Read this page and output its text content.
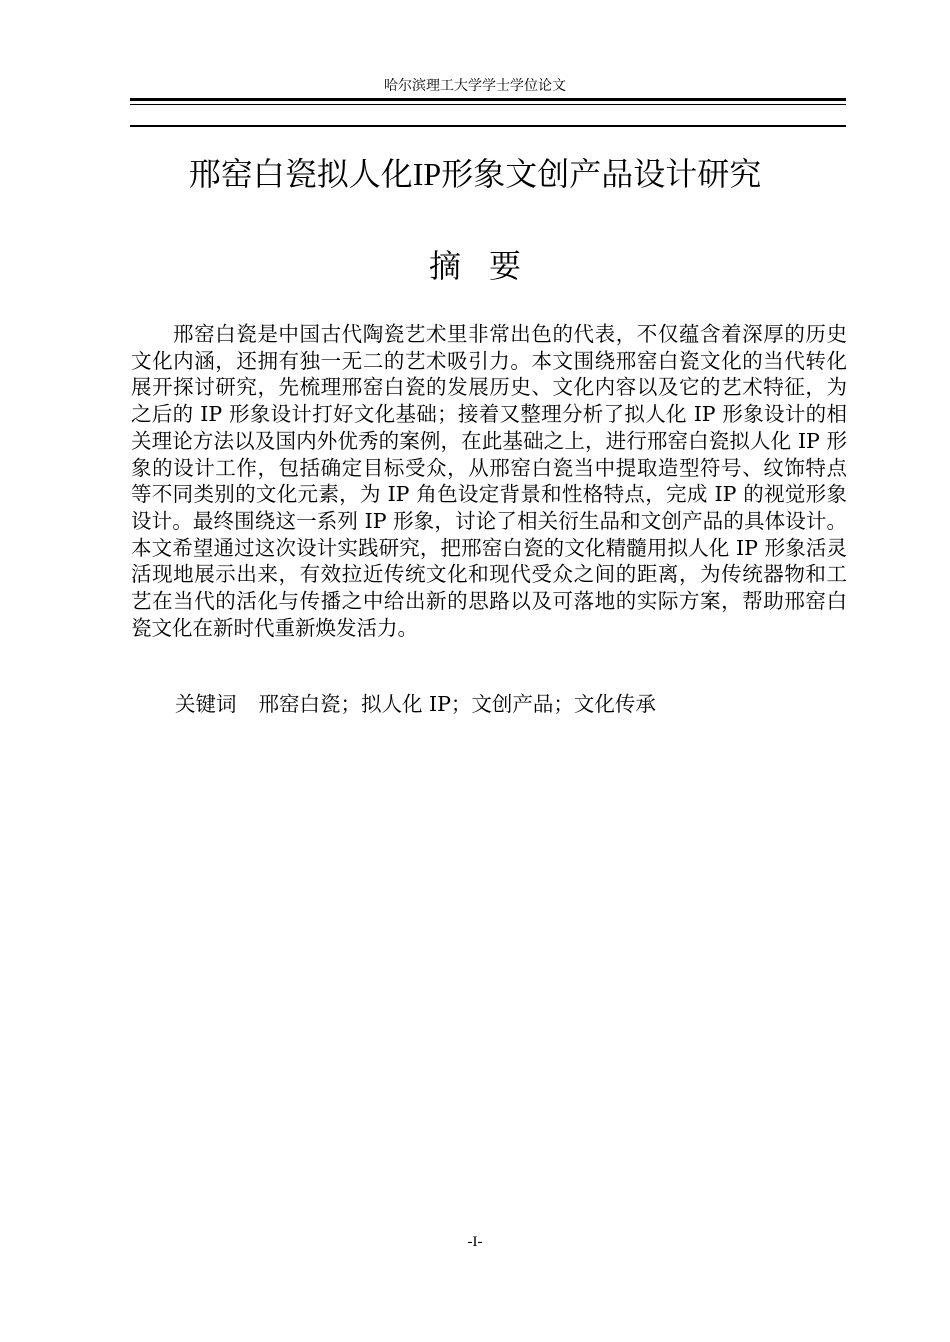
哈尔滨理工大学学士学位论文
邢窑白瓷拟人化IP形象文创产品设计研究
摘要

邢窑白瓷是中国古代陶瓷艺术里非常出色的代表，不仅蕴含着深厚的历史文化内涵，还拥有独一无二的艺术吸引力。本文围绕邢窑白瓷文化的当代转化展开探讨研究，先梳理邢窑白瓷的发展历史、文化内容以及它的艺术特征，为之后的 IP 形象设计打好文化基础；接着又整理分析了拟人化 IP 形象设计的相关理论方法以及国内外优秀的案例，在此基础之上，进行邢窑白瓷拟人化 IP 形象的设计工作，包括确定目标受众，从邢窑白瓷当中提取造型符号、纹饰特点等不同类别的文化元素，为 IP 角色设定背景和性格特点，完成 IP 的视觉形象设计。最终围绕这一系列 IP 形象，讨论了相关衍生品和文创产品的具体设计。本文希望通过这次设计实践研究，把邢窑白瓷的文化精髓用拟人化 IP 形象活灵活现地展示出来，有效拉近传统文化和现代受众之间的距离，为传统器物和工艺在当代的活化与传播之中给出新的思路以及可落地的实际方案，帮助邢窑白瓷文化在新时代重新焕发活力。

关键词 邢窑白瓷；拟人化 IP；文创产品；文化传承
-I-
